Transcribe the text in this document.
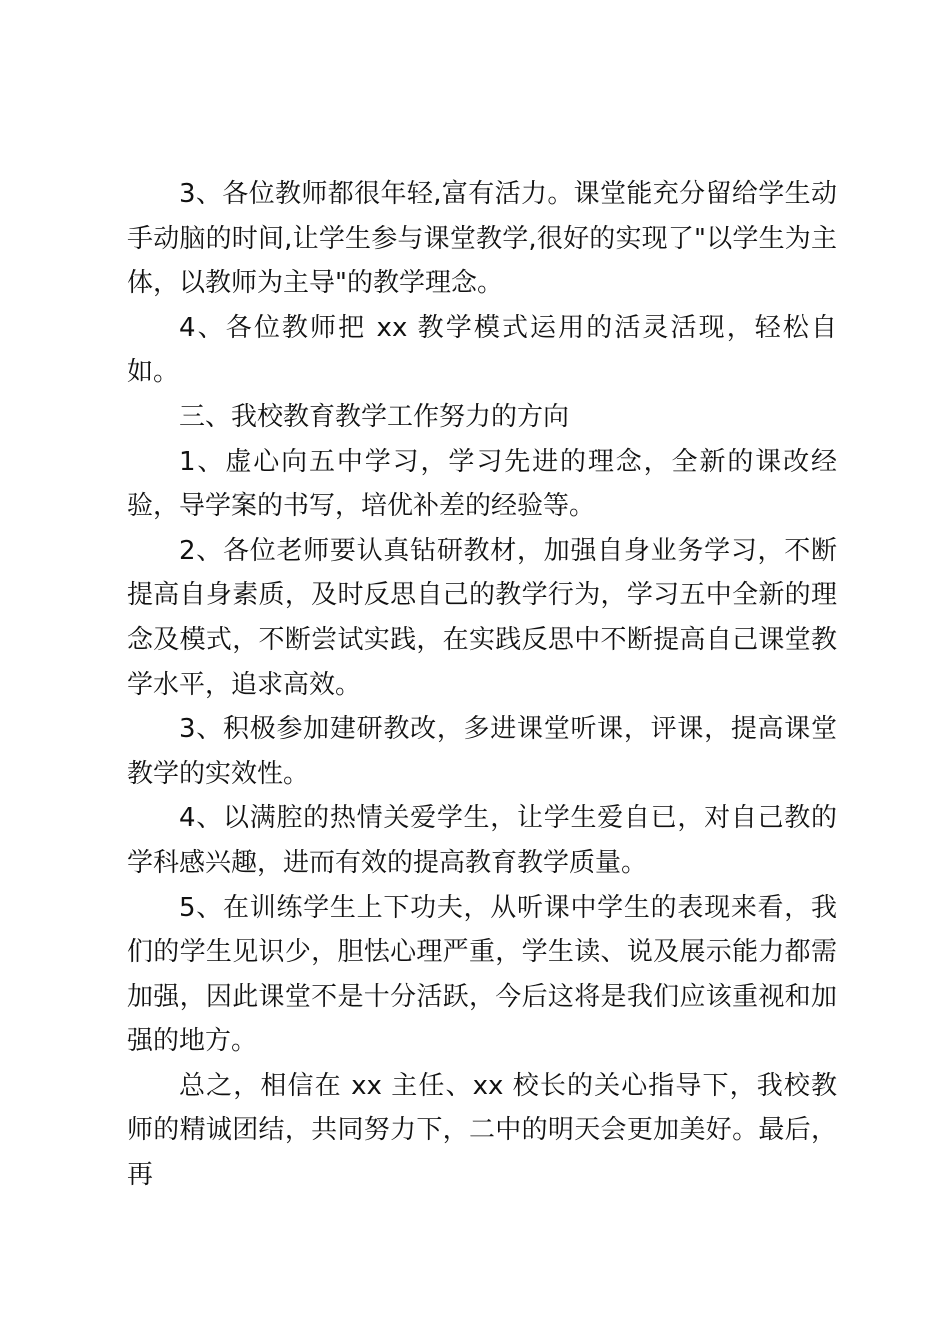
3、各位教师都很年轻,富有活力。课堂能充分留给学生动手动脑的时间,让学生参与课堂教学,很好的实现了"以学生为主体，以教师为主导"的教学理念。

4、各位教师把 xx 教学模式运用的活灵活现，轻松自如。

三、我校教育教学工作努力的方向

1、虚心向五中学习，学习先进的理念，全新的课改经验，导学案的书写，培优补差的经验等。

2、各位老师要认真钻研教材，加强自身业务学习，不断提高自身素质，及时反思自己的教学行为，学习五中全新的理念及模式，不断尝试实践，在实践反思中不断提高自己课堂教学水平，追求高效。

3、积极参加建研教改，多进课堂听课，评课，提高课堂教学的实效性。

4、以满腔的热情关爱学生，让学生爱自已，对自己教的学科感兴趣，进而有效的提高教育教学质量。

5、在训练学生上下功夫，从听课中学生的表现来看，我们的学生见识少，胆怯心理严重，学生读、说及展示能力都需加强，因此课堂不是十分活跃，今后这将是我们应该重视和加强的地方。

总之，相信在 xx 主任、xx 校长的关心指导下，我校教师的精诚团结，共同努力下，二中的明天会更加美好。最后，再
